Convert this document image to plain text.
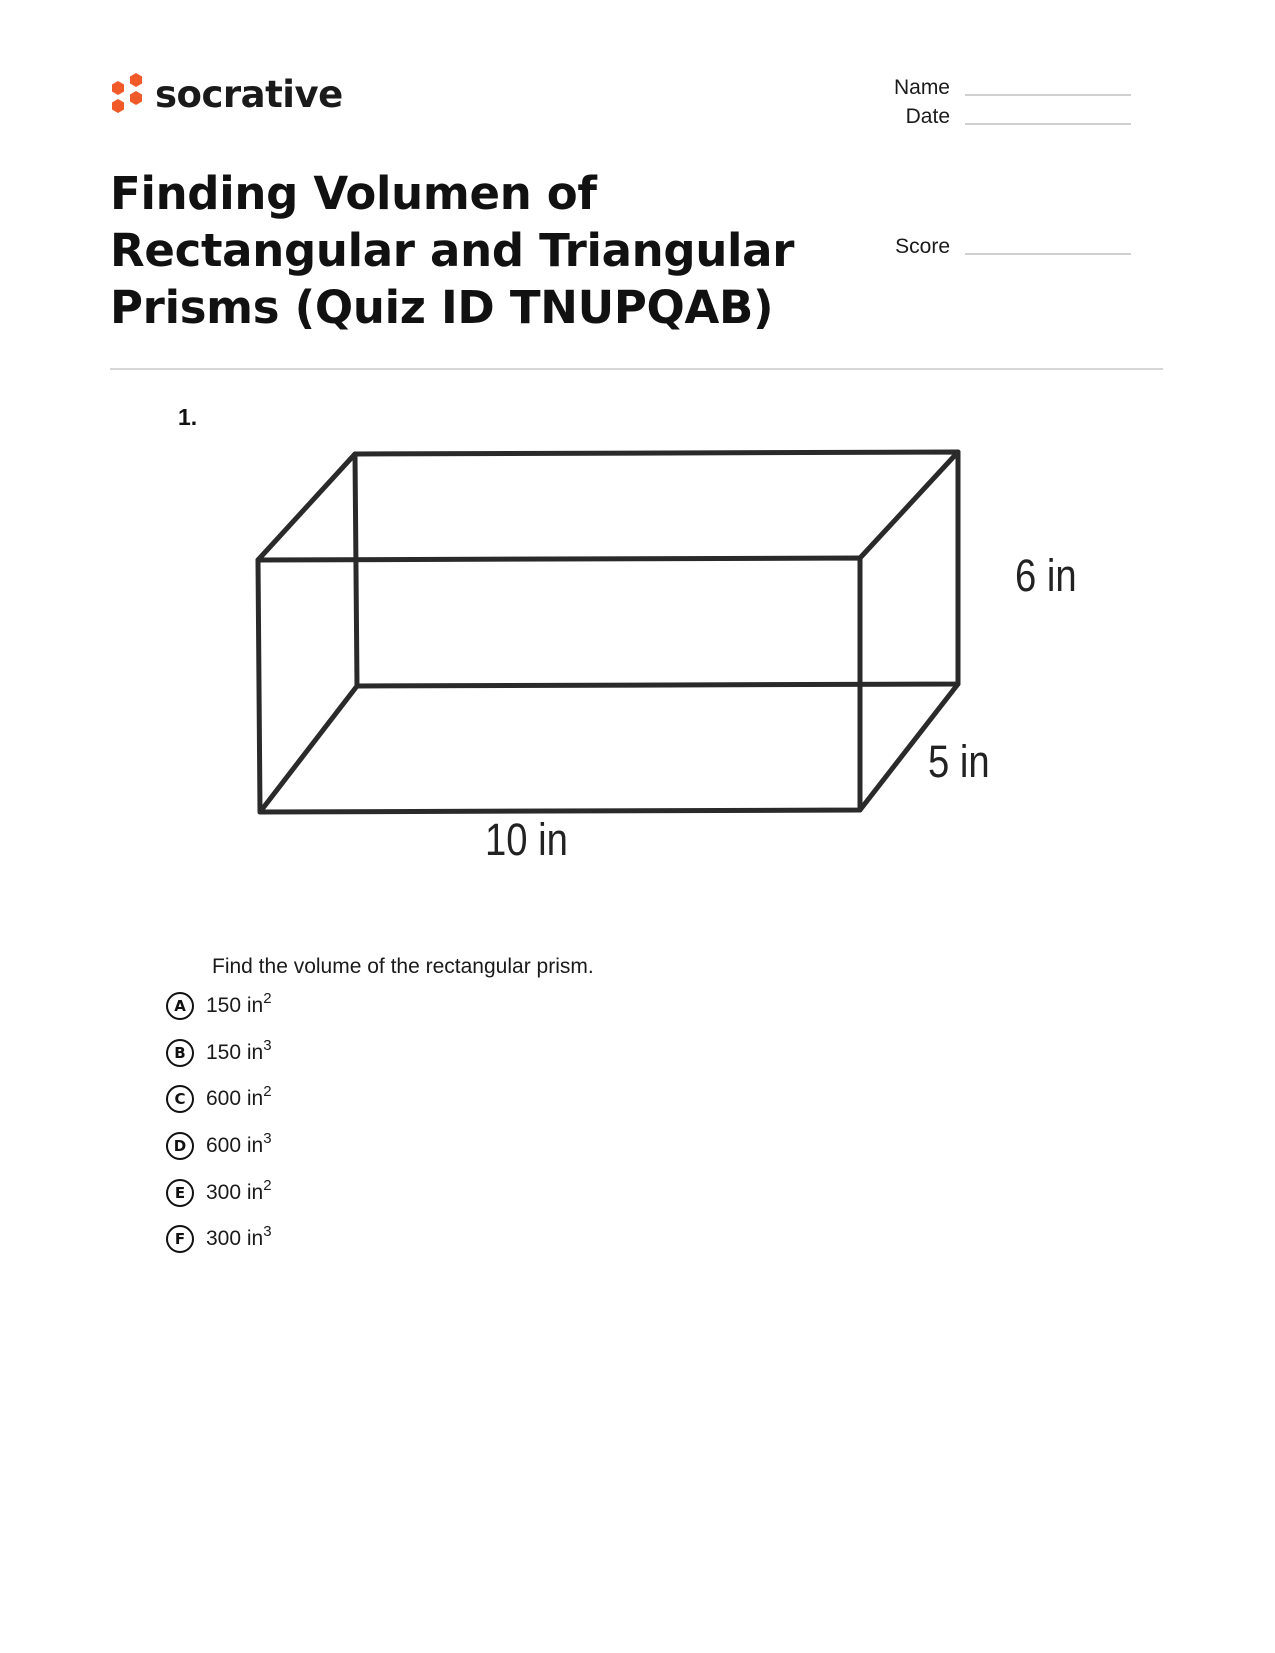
socrative	Name
Date
Score
Finding Volumen of Rectangular and Triangular Prisms (Quiz ID TNUPQAB)
1.
6 in
5 in
10 in
Find the volume of the rectangular prism.
A 150 $in^2$
B 150 $in^3$
C 600 $in^2$
D 600 $in^3$
E 300 $in^2$
F 300 $in^3$
